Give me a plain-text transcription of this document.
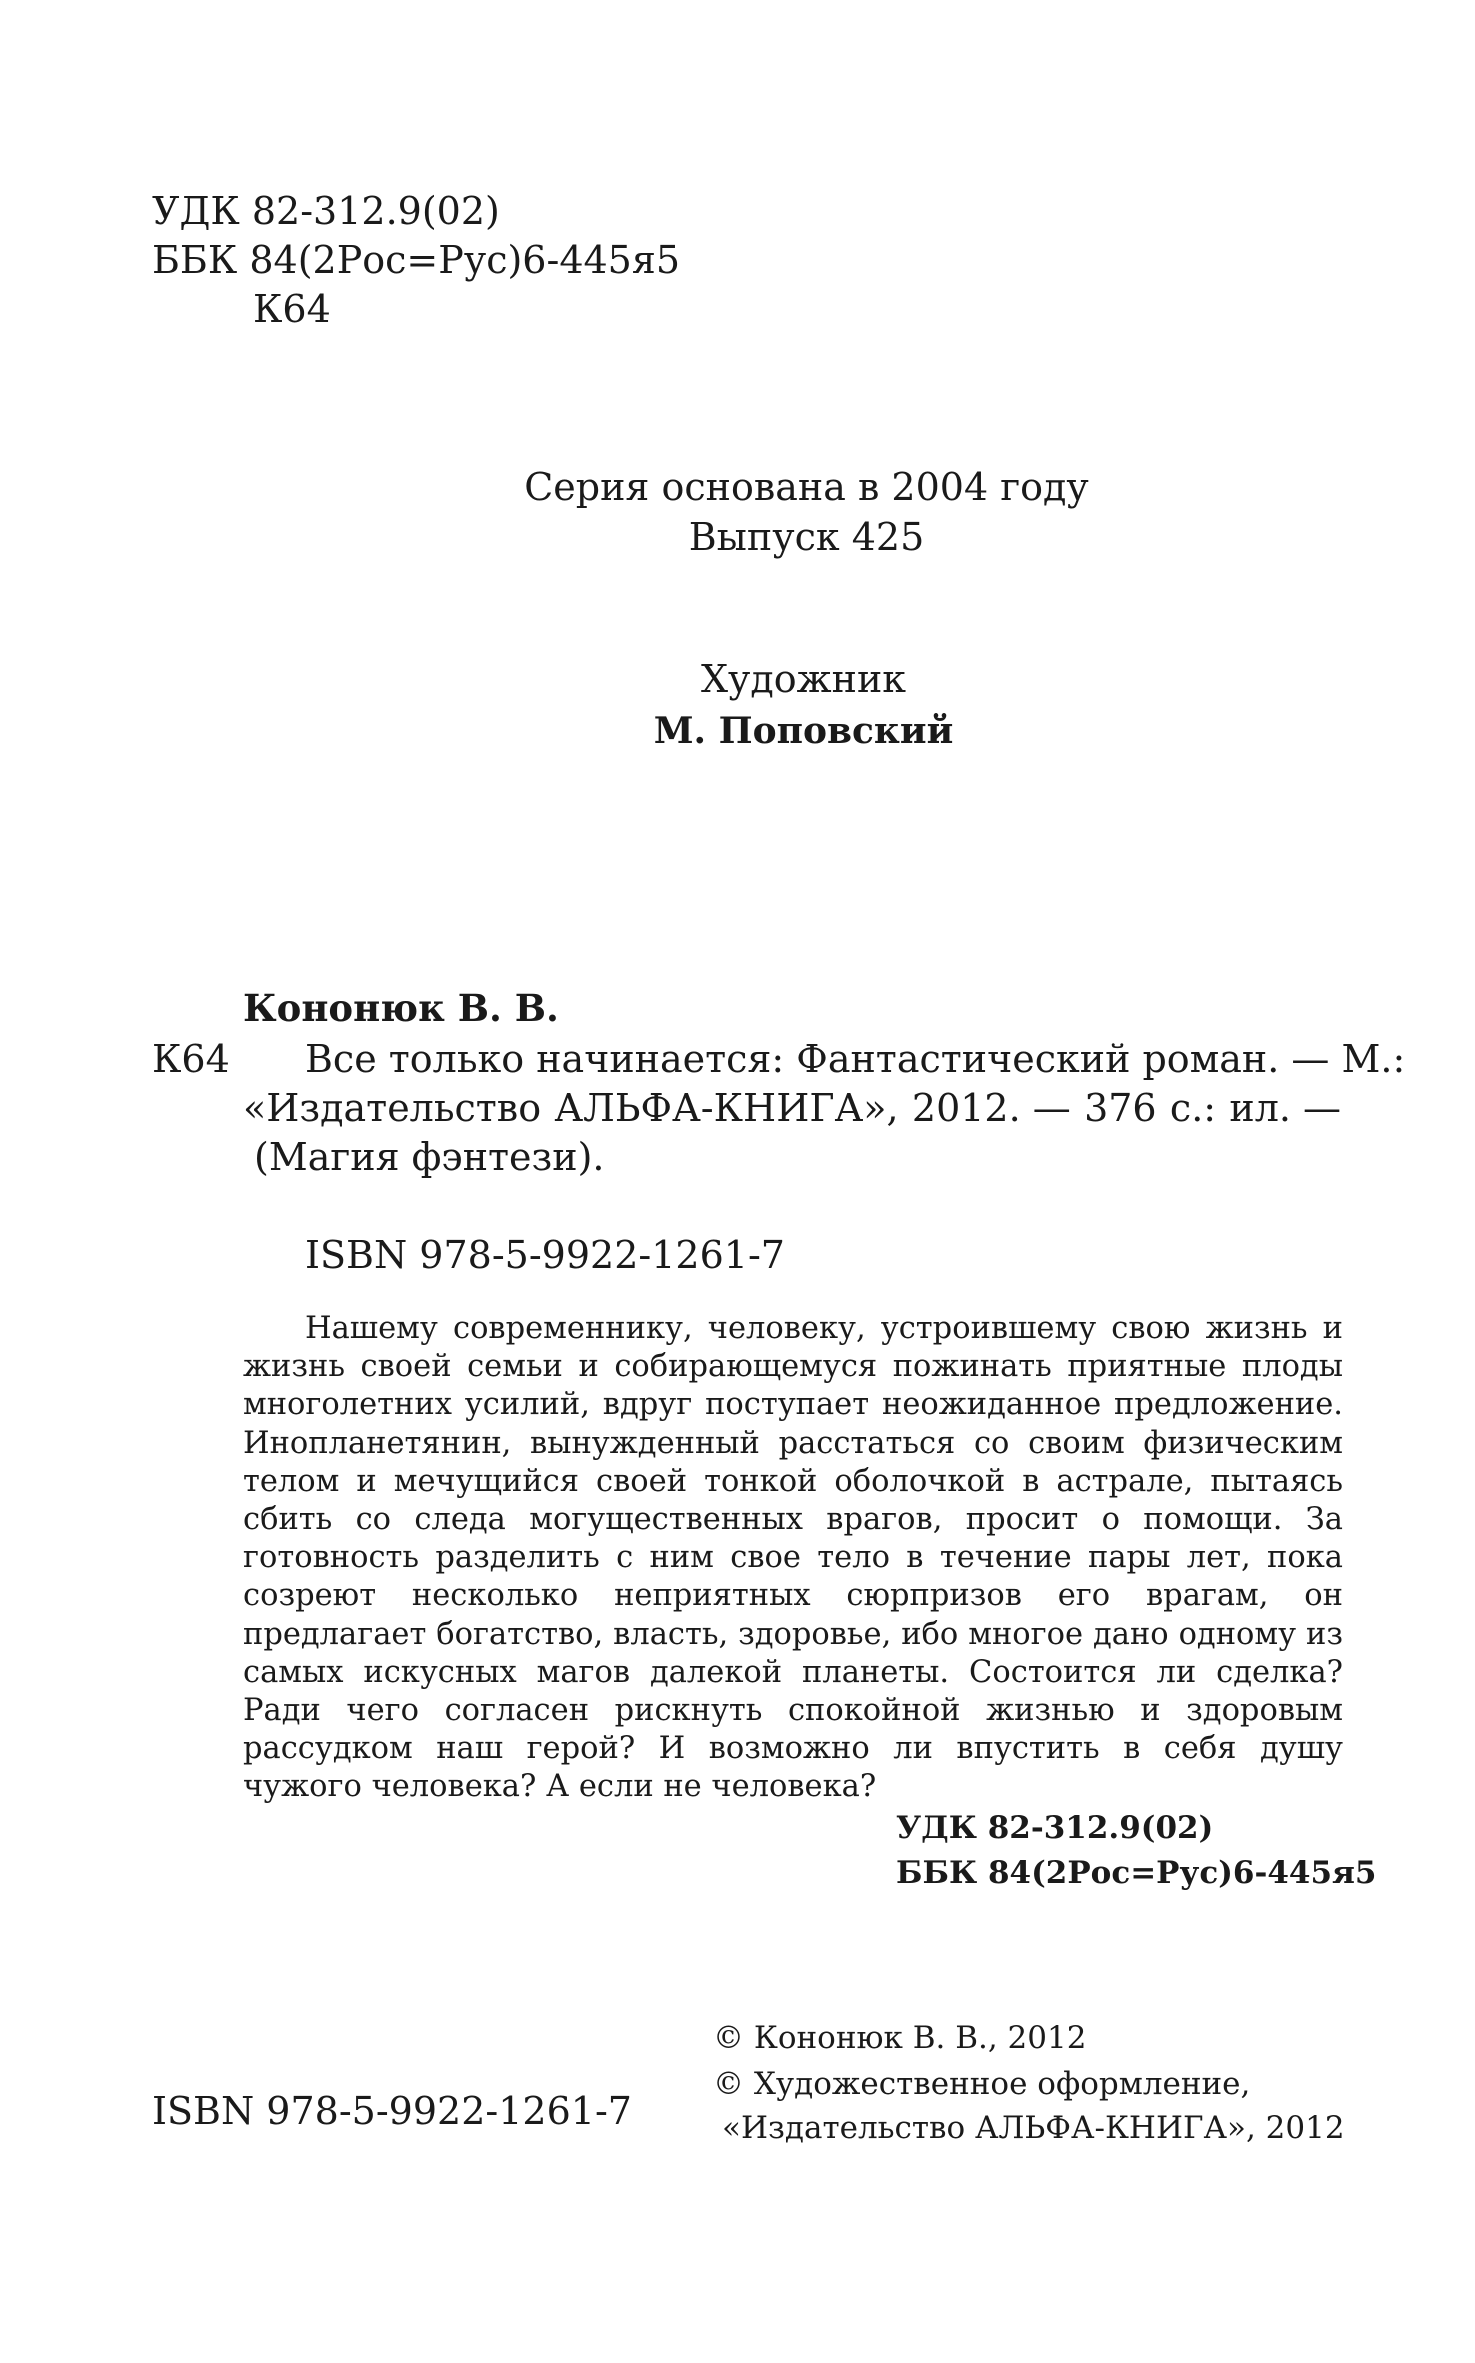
УДК 82-312.9(02)
ББК 84(2Рос=Рус)6-445я5
К64
Серия основана в 2004 году
Выпуск 425
Художник
М. Поповский
Кононюк В. В.
К64 Все только начинается: Фантастический роман. — М.:
«Издательство АЛЬФА-КНИГА», 2012. — 376 с.: ил. —
(Магия фэнтези).
ISBN 978-5-9922-1261-7

Нашему современнику, человеку, устроившему свою жизнь и жизнь своей семьи и собирающемуся пожинать приятные плоды многолетних усилий, вдруг поступает неожиданное предложение. Инопланетянин, вынужденный расстаться со своим физическим телом и мечущийся своей тонкой оболочкой в астрале, пытаясь сбить со следа могущественных врагов, просит о помощи. За готовность разделить с ним свое тело в течение пары лет, пока созреют несколько неприятных сюрпризов его врагам, он предлагает богатство, власть, здоровье, ибо многое дано одному из самых искусных магов далекой планеты. Состоится ли сделка? Ради чего согласен рискнуть спокойной жизнью и здоровым рассудком наш герой? И возможно ли впустить в себя душу чужого человека? А если не человека?

УДК 82-312.9(02)
ББК 84(2Рос=Рус)6-445я5
© Кононюк В. В., 2012
© Художественное оформление,
«Издательство АЛЬФА-КНИГА», 2012
ISBN 978-5-9922-1261-7
